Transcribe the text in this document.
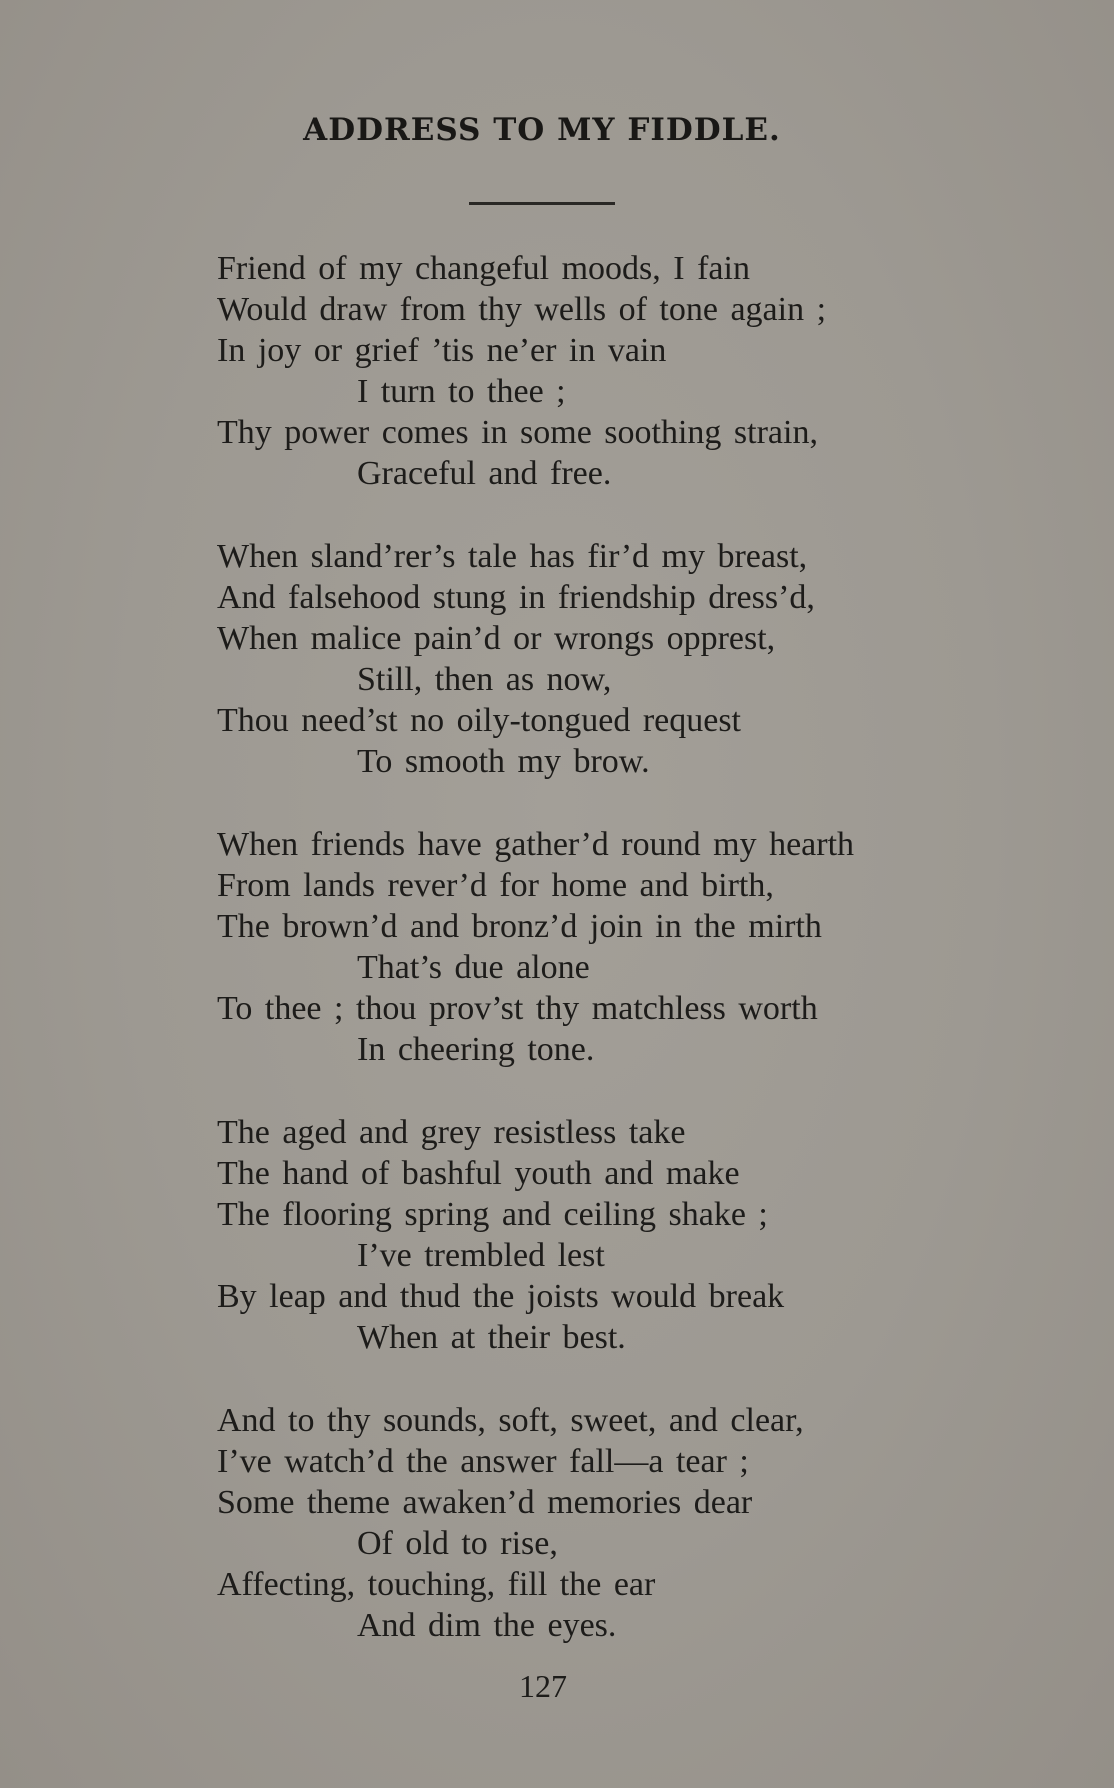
ADDRESS TO MY FIDDLE.
Friend of my changeful moods, I fain
Would draw from thy wells of tone again ;
In joy or grief ’tis ne’er in vain
I turn to thee ;
Thy power comes in some soothing strain,
Graceful and free.
When sland’rer’s tale has fir’d my breast,
And falsehood stung in friendship dress’d,
When malice pain’d or wrongs opprest,
Still, then as now,
Thou need’st no oily-tongued request
To smooth my brow.
When friends have gather’d round my hearth
From lands rever’d for home and birth,
The brown’d and bronz’d join in the mirth
That’s due alone
To thee ; thou prov’st thy matchless worth
In cheering tone.
The aged and grey resistless take
The hand of bashful youth and make
The flooring spring and ceiling shake ;
I’ve trembled lest
By leap and thud the joists would break
When at their best.
And to thy sounds, soft, sweet, and clear,
I’ve watch’d the answer fall—a tear ;
Some theme awaken’d memories dear
Of old to rise,
Affecting, touching, fill the ear
And dim the eyes.
127
